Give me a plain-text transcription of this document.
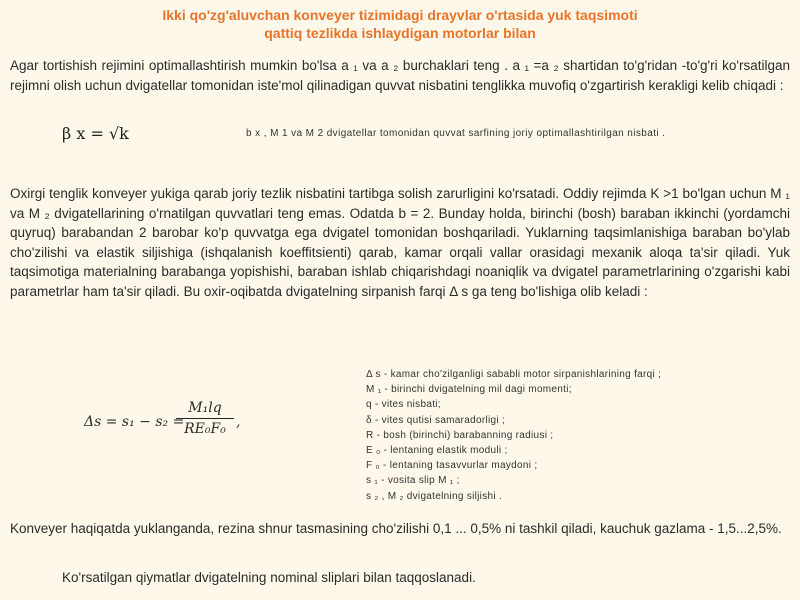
Ikki qo'zg'aluvchan konveyer tizimidagi drayvlar o'rtasida yuk taqsimoti
qattiq tezlikda ishlaydigan motorlar bilan
Agar tortishish rejimini optimallashtirish mumkin bo'lsa a ₁ va a ₂ burchaklari teng . a ₁ =a ₂ shartidan to'g'ridan -to'g'ri ko'rsatilgan rejimni olish uchun dvigatellar tomonidan iste'mol qilinadigan quvvat nisbatini tenglikka muvofiq o'zgartirish kerakligi kelib chiqadi :
β x = √k	b x , M 1 va M 2 dvigatellar tomonidan quvvat sarfining joriy optimallashtirilgan nisbati .
Oxirgi tenglik konveyer yukiga qarab joriy tezlik nisbatini tartibga solish zarurligini ko'rsatadi. Oddiy rejimda K >1 bo'lgan uchun M ₁ va M ₂ dvigatellarining o'rnatilgan quvvatlari teng emas. Odatda b = 2. Bunday holda, birinchi (bosh) baraban ikkinchi (yordamchi quyruq) barabandan 2 barobar ko'p quvvatga ega dvigatel tomonidan boshqariladi. Yuklarning taqsimlanishiga baraban bo'ylab cho'zilishi va elastik siljishiga (ishqalanish koeffitsienti) qarab, kamar orqali vallar orasidagi mexanik aloqa ta'sir qiladi. Yuk taqsimotiga materialning barabanga yopishishi, baraban ishlab chiqarishdagi noaniqlik va dvigatel parametrlarining o'zgarishi kabi parametrlar ham ta'sir qiladi. Bu oxir-oqibatda dvigatelning sirpanish farqi Δ s ga teng bo'lishiga olib keladi :
Δs = s₁ − s₂ =
$\frac{\text{M₁lq}}{\text{RE₀F₀}}$ ,
Δ s - kamar cho'zilganligi sababli motor sirpanishlarining farqi ;
M ₁ - birinchi dvigatelning mil dagi momenti;
q - vites nisbati;
δ - vites qutisi samaradorligi ;
R - bosh (birinchi) barabanning radiusi ;
E ₀ - lentaning elastik moduli ;
F ₀ - lentaning tasavvurlar maydoni ;
s ₁ - vosita slip M ₁ ;
s ₂ , M ₂ dvigatelning siljishi .
Konveyer haqiqatda yuklanganda, rezina shnur tasmasining cho'zilishi 0,1 ... 0,5% ni tashkil qiladi, kauchuk gazlama - 1,5...2,5%.
Ko'rsatilgan qiymatlar dvigatelning nominal sliplari bilan taqqoslanadi.
